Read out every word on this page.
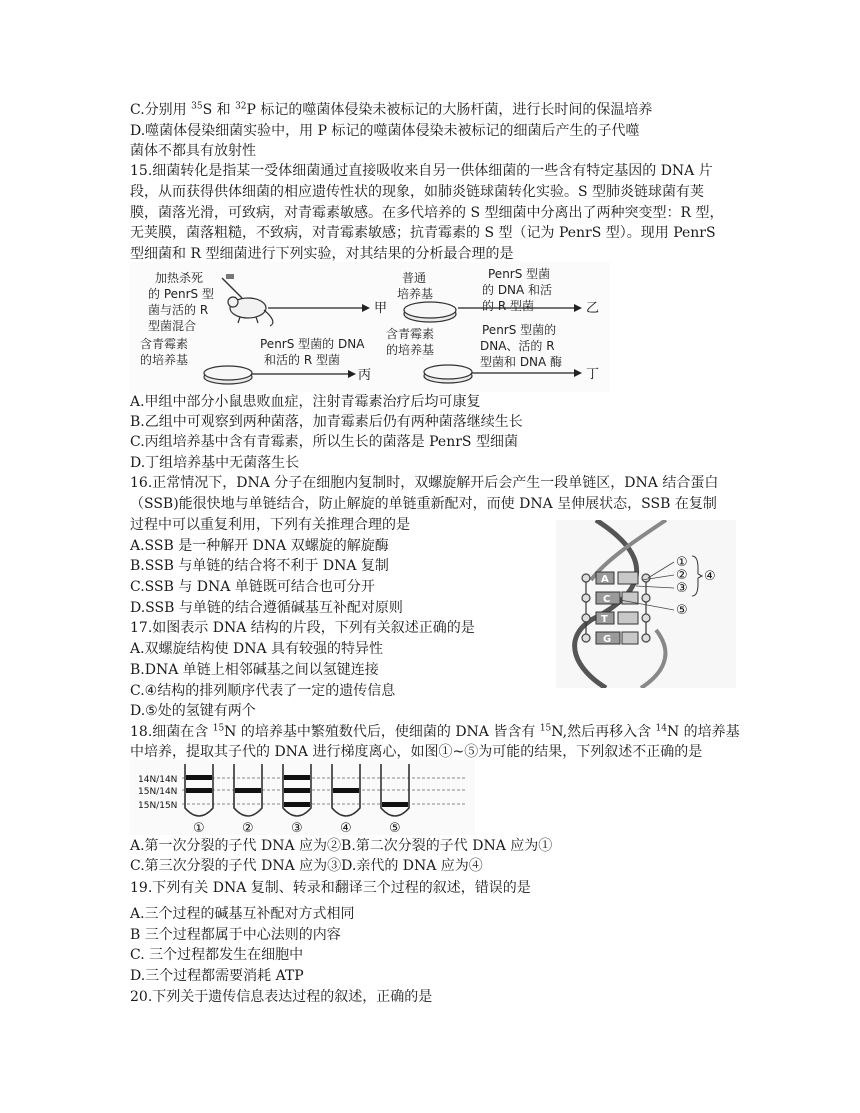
C.分别用 $^{35}$S 和 $^{32}$P 标记的噬菌体侵染未被标记的大肠杆菌，进行长时间的保温培养
D.噬菌体侵染细菌实验中，用 P 标记的噬菌体侵染未被标记的细菌后产生的子代噬
菌体不都具有放射性
15.细菌转化是指某一受体细菌通过直接吸收来自另一供体细菌的一些含有特定基因的 DNA 片
段，从而获得供体细菌的相应遗传性状的现象，如肺炎链球菌转化实验。S 型肺炎链球菌有荚
膜，菌落光滑，可致病，对青霉素敏感。在多代培养的 S 型细菌中分离出了两种突变型：R 型，
无荚膜，菌落粗糙，不致病，对青霉素敏感；抗青霉素的 S 型（记为 PenrS 型）。现用 PenrS
型细菌和 R 型细菌进行下列实验，对其结果的分析最合理的是
加热杀死
的 PenrS 型
菌与活的 R
型菌混合
甲
普通
培养基
PenrS 型菌
的 DNA 和活
的 R 型菌	乙
含青霉素
的培养基
PenrS 型菌的 DNA
和活的 R 型菌
丙
含青霉素
的培养基
PenrS 型菌的
DNA、活的 R
型菌和 DNA 酶
丁
A.甲组中部分小鼠患败血症，注射青霉素治疗后均可康复
B.乙组中可观察到两种菌落，加青霉素后仍有两种菌落继续生长
C.丙组培养基中含有青霉素，所以生长的菌落是 PenrS 型细菌
D.丁组培养基中无菌落生长
16.正常情况下，DNA 分子在细胞内复制时，双螺旋解开后会产生一段单链区，DNA 结合蛋白
（SSB)能很快地与单链结合，防止解旋的单链重新配对，而使 DNA 呈伸展状态，SSB 在复制
过程中可以重复利用，下列有关推理合理的是
A.SSB 是一种解开 DNA 双螺旋的解旋酶
B.SSB 与单链的结合将不利于 DNA 复制
C.SSB 与 DNA 单链既可结合也可分开
D.SSB 与单链的结合遵循碱基互补配对原则
17.如图表示 DNA 结构的片段，下列有关叙述正确的是
A.双螺旋结构使 DNA 具有较强的特异性
B.DNA 单链上相邻碱基之间以氢键连接
C.④结构的排列顺序代表了一定的遗传信息
D.⑤处的氢键有两个
A
C
T
G
①
②
③
④
⑤
18.细菌在含 $^{15}$N 的培养基中繁殖数代后，使细菌的 DNA 皆含有 $^{15}$N,然后再移入含 $^{14}$N 的培养基
中培养，提取其子代的 DNA 进行梯度离心，如图①~⑤为可能的结果，下列叙述不正确的是
14N/14N
15N/14N
15N/15N
①	②	③	④	⑤
A.第一次分裂的子代 DNA 应为②B.第二次分裂的子代 DNA 应为①
C.第三次分裂的子代 DNA 应为③D.亲代的 DNA 应为④
19.下列有关 DNA 复制、转录和翻译三个过程的叙述，错误的是
A.三个过程的碱基互补配对方式相同
B 三个过程都属于中心法则的内容
C. 三个过程都发生在细胞中
D.三个过程都需要消耗 ATP
20.下列关于遗传信息表达过程的叙述，正确的是
